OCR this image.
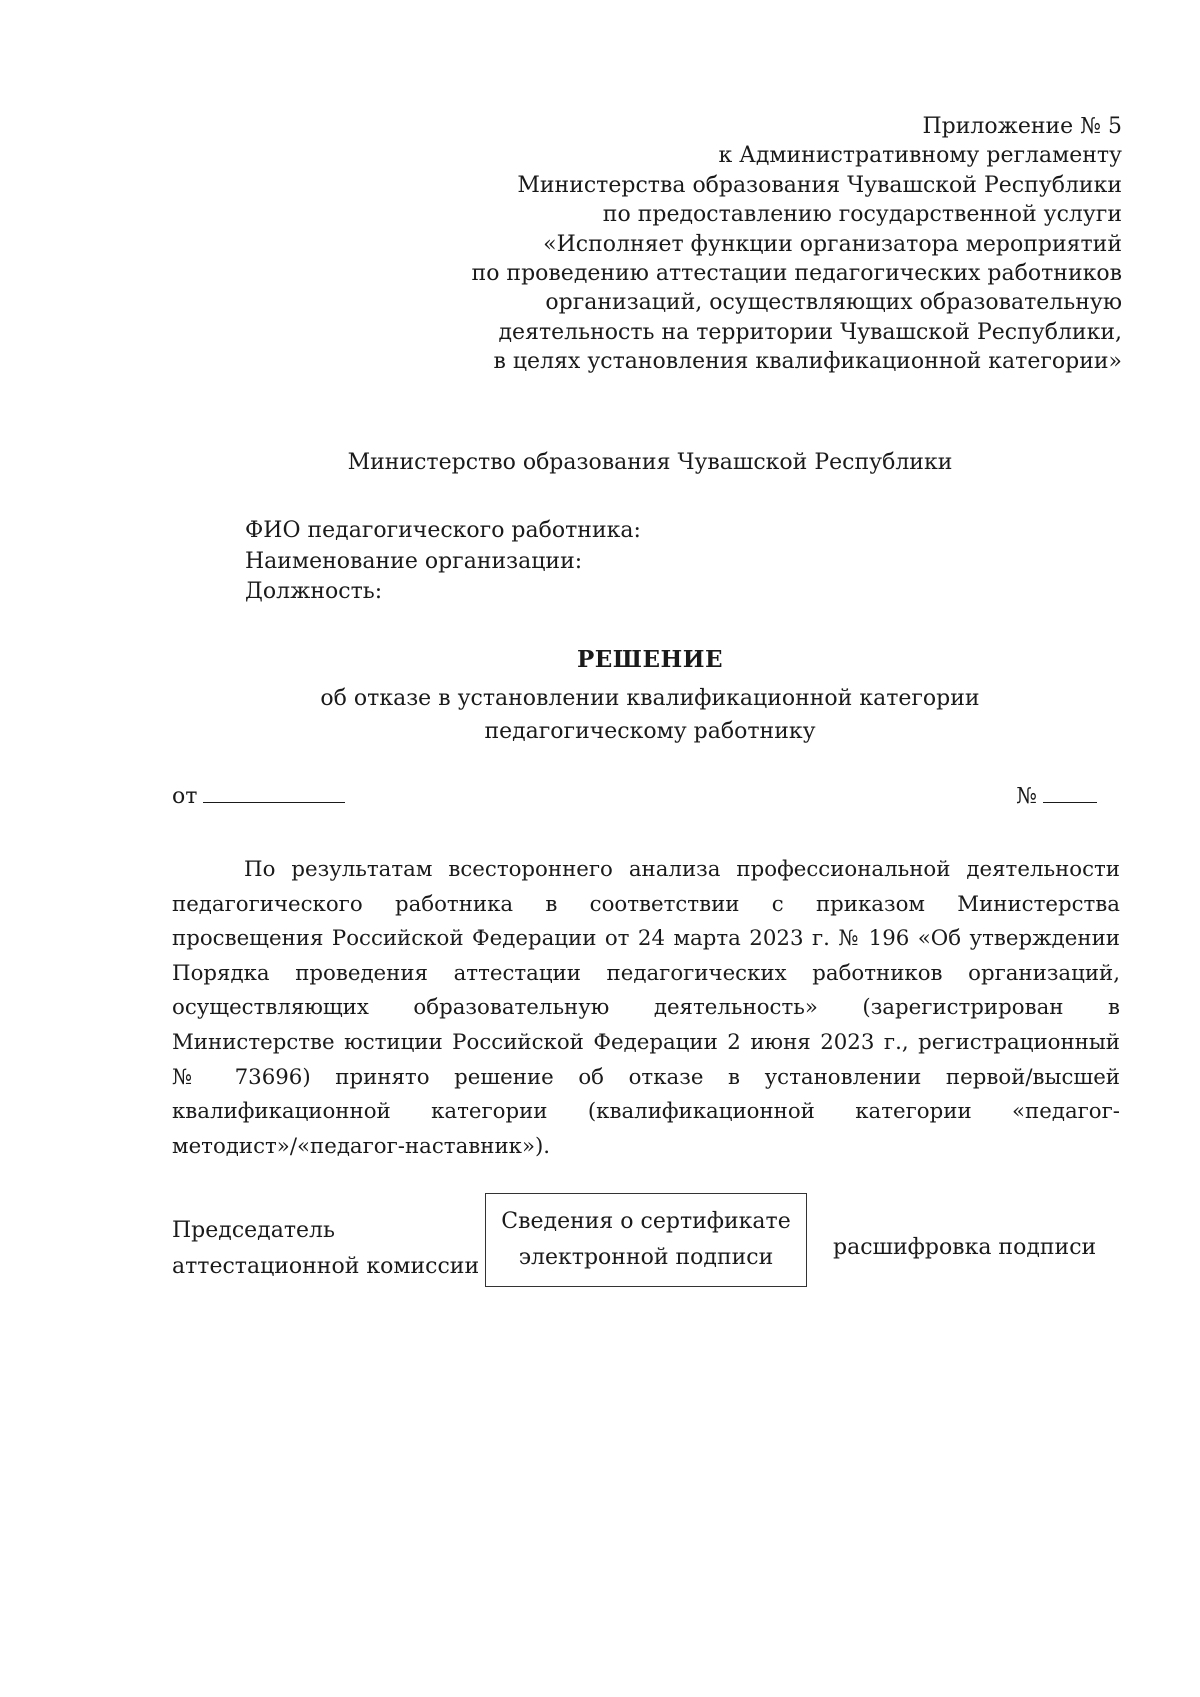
Приложение № 5
к Административному регламенту
Министерства образования Чувашской Республики
по предоставлению государственной услуги
«Исполняет функции организатора мероприятий
по проведению аттестации педагогических работников
организаций, осуществляющих образовательную
деятельность на территории Чувашской Республики,
в целях установления квалификационной категории»
Министерство образования Чувашской Республики
ФИО педагогического работника:
Наименование организации:
Должность:
РЕШЕНИЕ
об отказе в установлении квалификационной категории
педагогическому работнику
от	№
По результатам всестороннего анализа профессиональной деятельности педагогического работника в соответствии с приказом Министерства просвещения Российской Федерации от 24 марта 2023 г. № 196 «Об утверждении Порядка проведения аттестации педагогических работников организаций, осуществляющих образовательную деятельность» (зарегистрирован в Министерстве юстиции Российской Федерации 2 июня 2023 г., регистрационный № 73696) принято решение об отказе в установлении первой/высшей квалификационной категории (квалификационной категории «педагог-методист»/«педагог-наставник»).
Председатель
аттестационной комиссии
Сведения о сертификате
электронной подписи	расшифровка подписи
